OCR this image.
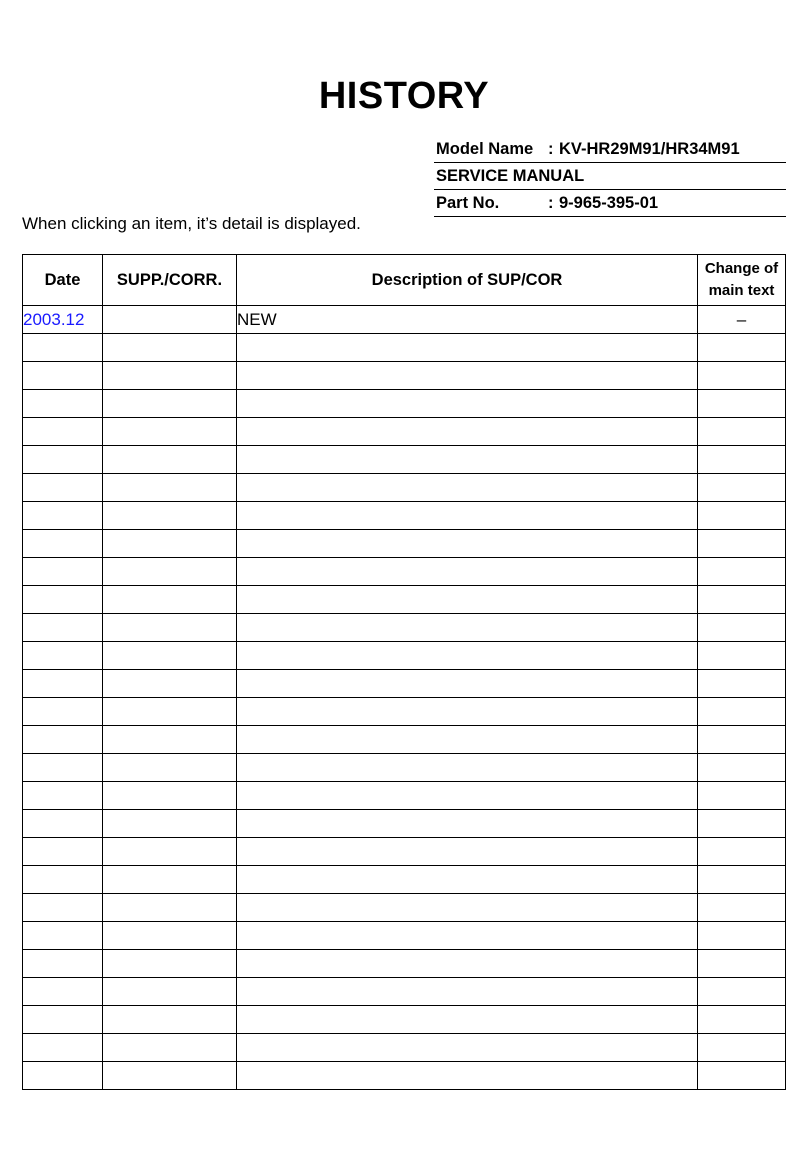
HISTORY
Model Name : KV-HR29M91/HR34M91
SERVICE MANUAL
Part No.	: 9-965-395-01
When clicking an item, it’s detail is displayed.
Date	SUPP./CORR.	Description of SUP/COR	Change of
main text
2003.12		NEW	–
